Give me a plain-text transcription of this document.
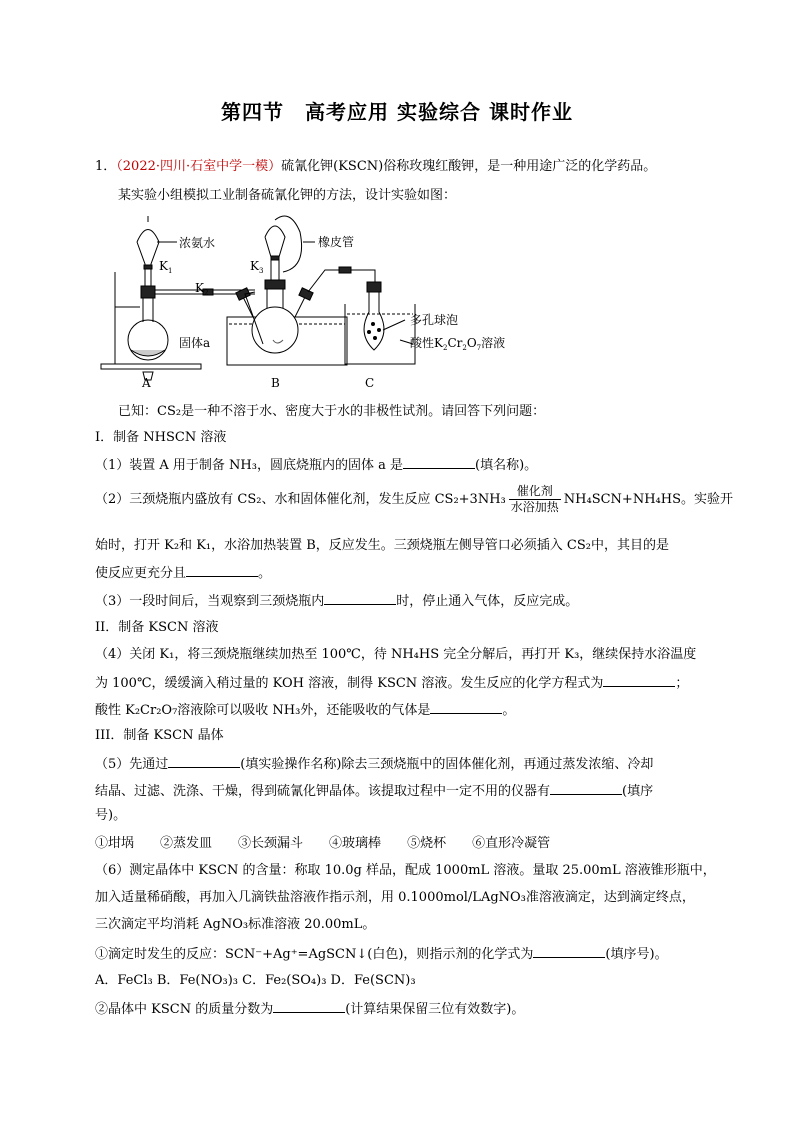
第四节　高考应用 实验综合 课时作业
1．（2022·四川·石室中学一模）硫氰化钾(KSCN)俗称玫瑰红酸钾，是一种用途广泛的化学药品。
某实验小组模拟工业制备硫氰化钾的方法，设计实验如图：
浓氨水
$K_1$
$K_2$
$K_3$
橡皮管
固体a
多孔球泡
酸性$K_2Cr_2O_7$溶液
A	B	C
已知：CS₂是一种不溶于水、密度大于水的非极性试剂。请回答下列问题：
I．制备 NHSCN 溶液
（1）装置 A 用于制备 NH₃，圆底烧瓶内的固体 a 是	(填名称)。
（2）三颈烧瓶内盛放有 CS₂、水和固体催化剂，发生反应 $CS_2+3NH_3 \frac{\text{催化剂}}{\text{水浴加热}} NH_4SCN+NH_4HS$。实验开
始时，打开 K₂和 K₁，水浴加热装置 B，反应发生。三颈烧瓶左侧导管口必须插入 CS₂中，其目的是
使反应更充分且	。
（3）一段时间后，当观察到三颈烧瓶内	时，停止通入气体，反应完成。
II．制备 KSCN 溶液
（4）关闭 K₁，将三颈烧瓶继续加热至 100℃，待 NH₄HS 完全分解后，再打开 K₃，继续保持水浴温度
为 100℃，缓缓滴入稍过量的 KOH 溶液，制得 KSCN 溶液。发生反应的化学方程式为	；
酸性 K₂Cr₂O₇溶液除可以吸收 NH₃外，还能吸收的气体是	。
III．制备 KSCN 晶体
（5）先通过	(填实验操作名称)除去三颈烧瓶中的固体催化剂，再通过蒸发浓缩、冷却
结晶、过滤、洗涤、干燥，得到硫氰化钾晶体。该提取过程中一定不用的仪器有	(填序
号)。
①坩埚 ②蒸发皿 ③长颈漏斗 ④玻璃棒 ⑤烧杯 ⑥直形冷凝管
（6）测定晶体中 KSCN 的含量：称取 10.0g 样品，配成 1000mL 溶液。量取 25.00mL 溶液锥形瓶中，
加入适量稀硝酸，再加入几滴铁盐溶液作指示剂，用 0.1000mol/LAgNO₃准溶液滴定，达到滴定终点，
三次滴定平均消耗 AgNO₃标准溶液 20.00mL。
①滴定时发生的反应：SCN⁻+Ag⁺=AgSCN↓(白色)，则指示剂的化学式为	(填序号)。
A．FeCl₃ B．Fe(NO₃)₃ C．Fe₂(SO₄)₃ D．Fe(SCN)₃
②晶体中 KSCN 的质量分数为	(计算结果保留三位有效数字)。
